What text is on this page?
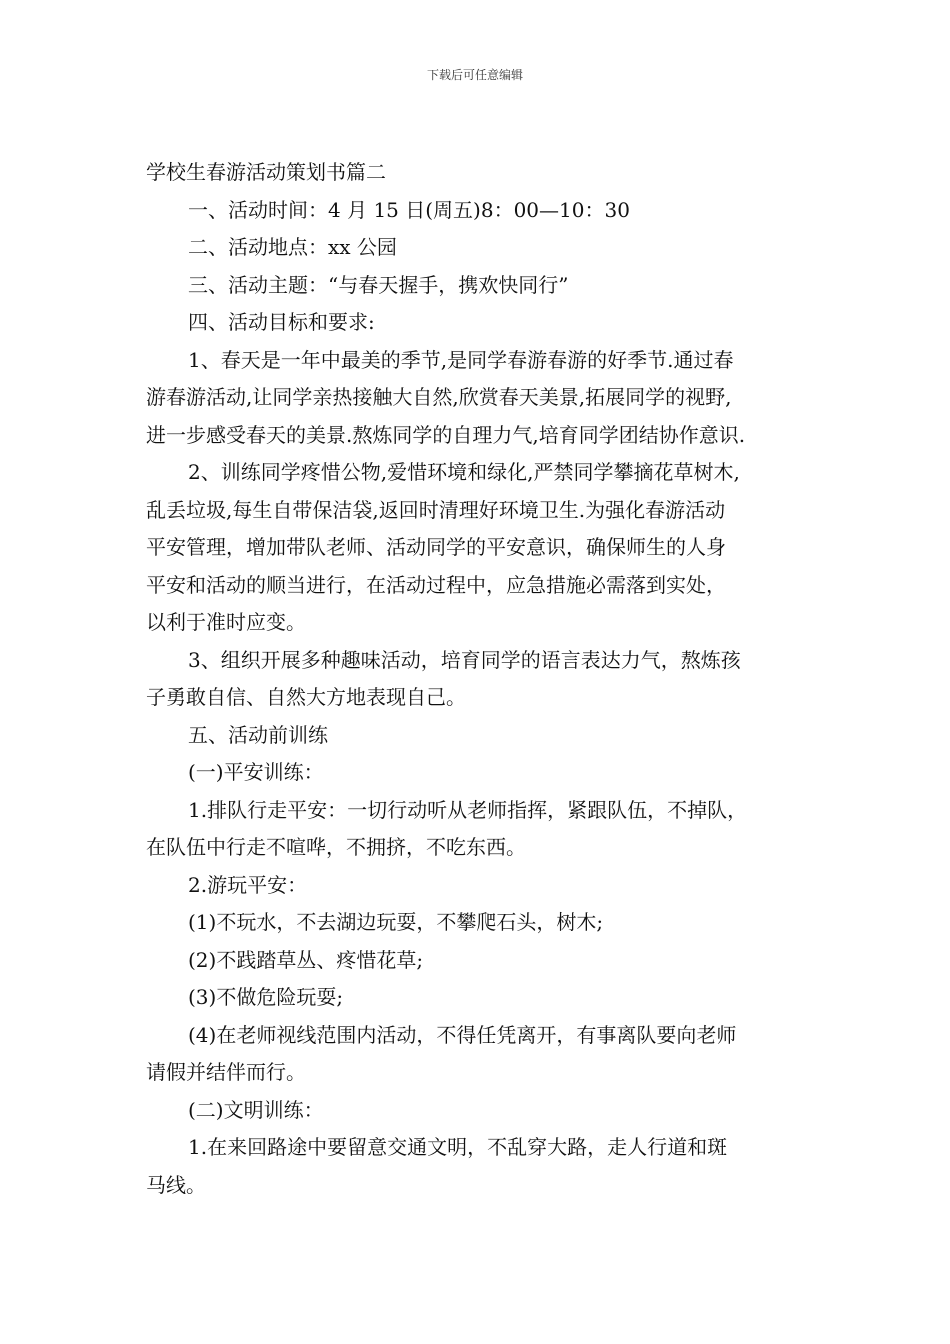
下载后可任意编辑
学校生春游活动策划书篇二
一、活动时间：4 月 15 日(周五)8：00—10：30
二、活动地点：xx 公园
三、活动主题：“与春天握手，携欢快同行”
四、活动目标和要求:
1、春天是一年中最美的季节,是同学春游春游的好季节.通过春
游春游活动,让同学亲热接触大自然,欣赏春天美景,拓展同学的视野,
进一步感受春天的美景.熬炼同学的自理力气,培育同学团结协作意识.
2、训练同学疼惜公物,爱惜环境和绿化,严禁同学攀摘花草树木,
乱丢垃圾,每生自带保洁袋,返回时清理好环境卫生.为强化春游活动
平安管理，增加带队老师、活动同学的平安意识，确保师生的人身
平安和活动的顺当进行，在活动过程中，应急措施必需落到实处，
以利于准时应变。
3、组织开展多种趣味活动，培育同学的语言表达力气，熬炼孩
子勇敢自信、自然大方地表现自己。
五、活动前训练
(一)平安训练：
1.排队行走平安：一切行动听从老师指挥，紧跟队伍，不掉队，
在队伍中行走不喧哗，不拥挤，不吃东西。
2.游玩平安：
(1)不玩水，不去湖边玩耍，不攀爬石头，树木;
(2)不践踏草丛、疼惜花草;
(3)不做危险玩耍;
(4)在老师视线范围内活动，不得任凭离开，有事离队要向老师
请假并结伴而行。
(二)文明训练：
1.在来回路途中要留意交通文明，不乱穿大路，走人行道和斑
马线。
